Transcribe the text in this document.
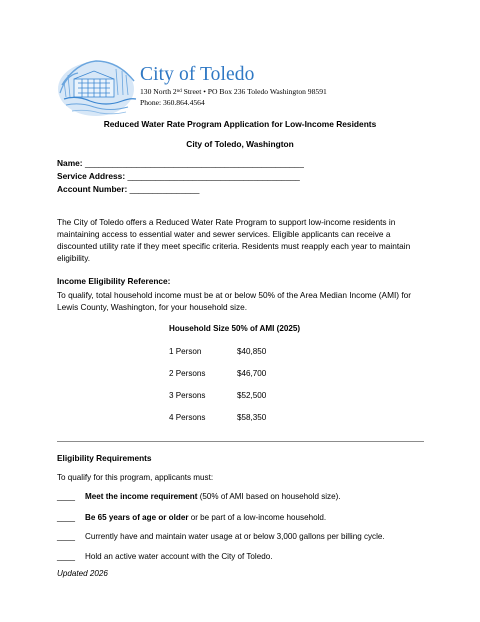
City of Toledo
130 North 2nd Street • PO Box 236 Toledo Washington 98591
Phone: 360.864.4564
Reduced Water Rate Program Application for Low-Income Residents
City of Toledo, Washington
Name: _______________________________________________
Service Address: _____________________________________
Account Number: _______________
The City of Toledo offers a Reduced Water Rate Program to support low-income residents in maintaining access to essential water and sewer services. Eligible applicants can receive a discounted utility rate if they meet specific criteria. Residents must reapply each year to maintain eligibility.
Income Eligibility Reference:
To qualify, total household income must be at or below 50% of the Area Median Income (AMI) for Lewis County, Washington, for your household size.
Household Size 50% of AMI (2025)
1 Person	$40,850
2 Persons	$46,700
3 Persons	$52,500
4 Persons	$58,350
Eligibility Requirements
To qualify for this program, applicants must:
____ Meet the income requirement (50% of AMI based on household size).
____ Be 65 years of age or older or be part of a low-income household.
____ Currently have and maintain water usage at or below 3,000 gallons per billing cycle.
____ Hold an active water account with the City of Toledo.
Updated 2026
